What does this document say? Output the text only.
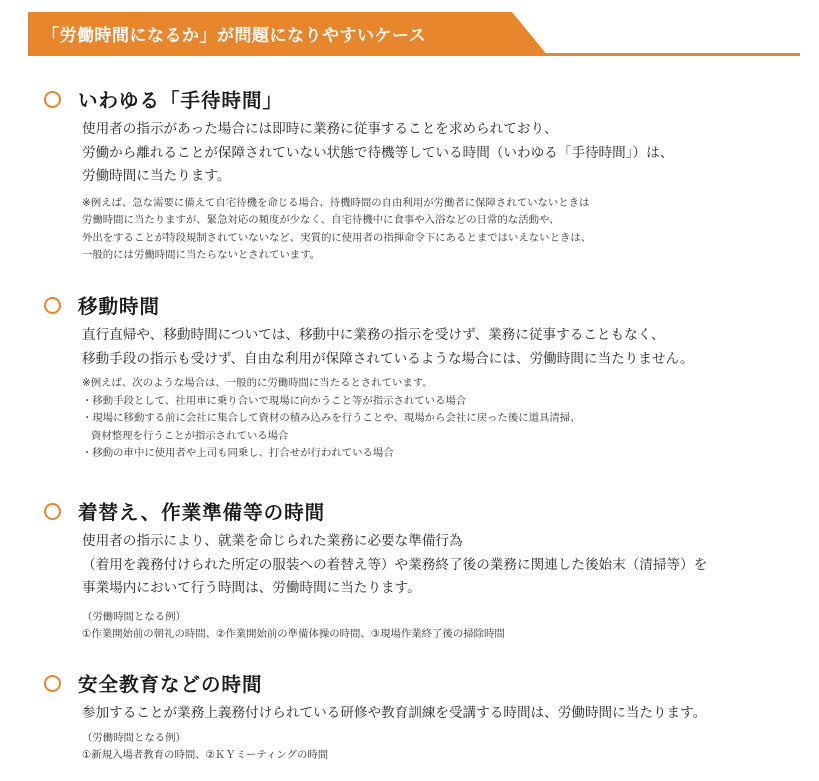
「労働時間になるか」が問題になりやすいケース
いわゆる「手待時間」
使用者の指示があった場合には即時に業務に従事することを求められており、
労働から離れることが保障されていない状態で待機等している時間（いわゆる「手待時間」）は、
労働時間に当たります。
※例えば、急な需要に備えて自宅待機を命じる場合、待機時間の自由利用が労働者に保障されていないときは
労働時間に当たりますが、緊急対応の頻度が少なく、自宅待機中に食事や入浴などの日常的な活動や、
外出をすることが特段規制されていないなど、実質的に使用者の指揮命令下にあるとまではいえないときは、
一般的には労働時間に当たらないとされています。
移動時間
直行直帰や、移動時間については、移動中に業務の指示を受けず、業務に従事することもなく、
移動手段の指示も受けず、自由な利用が保障されているような場合には、労働時間に当たりません。
※例えば、次のような場合は、一般的に労働時間に当たるとされています。
・移動手段として、社用車に乗り合いで現場に向かうこと等が指示されている場合
・現場に移動する前に会社に集合して資材の積み込みを行うことや、現場から会社に戻った後に道具清掃、
資材整理を行うことが指示されている場合
・移動の車中に使用者や上司も同乗し、打合せが行われている場合
着替え、作業準備等の時間
使用者の指示により、就業を命じられた業務に必要な準備行為
（着用を義務付けられた所定の服装への着替え等）や業務終了後の業務に関連した後始末（清掃等）を
事業場内において行う時間は、労働時間に当たります。
（労働時間となる例）
①作業開始前の朝礼の時間、②作業開始前の準備体操の時間、③現場作業終了後の掃除時間
安全教育などの時間
参加することが業務上義務付けられている研修や教育訓練を受講する時間は、労働時間に当たります。
（労働時間となる例）
①新規入場者教育の時間、②ＫＹミーティングの時間
